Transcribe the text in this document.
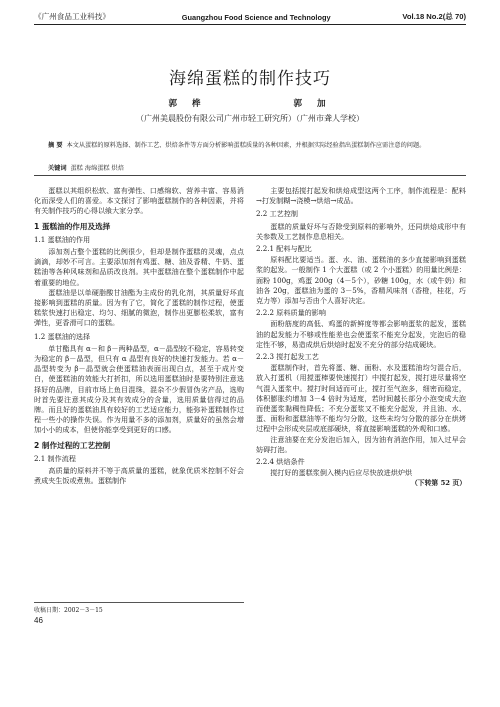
《广州食品工业科技》	Guangzhou Food Science and Technology	Vol.18 No.2(总 70)
海绵蛋糕的制作技巧
郭 桦	郭 加
（广州美晨股份有限公司广州市轻工研究所）（广州市聋人学校）
摘 要 本文从蛋糕的原料选择、制作工艺、烘焙条件等方面分析影响蛋糕质量的各种因素，并根据实际经验指出蛋糕制作应需注意的问题。
关键词 蛋糕 海绵蛋糕 烘焙

蛋糕以其组织松软、富有弹性、口感绵软、营养丰富、容易消化而深受人们的喜爱。本文探讨了影响蛋糕制作的各种因素，并将有关制作技巧的心得以飨大家分享。

1 蛋糕油的作用及选择
1.1 蛋糕油的作用

添加剂占整个蛋糕的比例很少，但却是制作蛋糕的灵魂，点点滴滴，却妙不可言。主要添加剂有鸡蛋、糖、油及香精、牛奶、蛋糕油等各种风味剂和品质改良剂。其中蛋糕油在整个蛋糕制作中起着重要的地位。

蛋糕油是以单硬脂酸甘油酯为主成份的乳化剂，其质量好坏直接影响到蛋糕的质量。因为有了它，简化了蛋糕的制作过程，使蛋糕浆快速打出稳定、均匀、细腻的微泡，制作出更膨松柔软，富有弹性，更香滑可口的蛋糕。

1.2 蛋糕油的选择

单甘酯具有 α－和 β－两种晶型，α－晶型较不稳定，容易转变为稳定的 β－晶型，但只有 α 晶型有良好的快速打发能力。若 α－晶型转变为 β－晶型就会使蛋糕油表面出现白点，甚至于成片变白，使蛋糕油的效能大打折扣，所以选用蛋糕油时是要特别注意选择好的品牌，目前市场上鱼目混珠，混杂不少假冒伪劣产品，选购时首先要注意其成分及其有效成分的含量，选用质量信得过的品牌。而且好的蛋糕油具有较好的工艺适应能力，能弥补蛋糕制作过程一些小的操作失误。作为用量不多的添加剂，质量好的虽然会增加小小的成本，但使你能享受到更好的口感。

2 制作过程的工艺控制
2.1 制作流程

高质量的原料并不等于高质量的蛋糕，就象优质米控制不好会煮成夹生饭或煮焦。蛋糕制作

主要包括搅打起发和烘焙成型这两个工序，制作流程是：配料→打发制糊→浇模→烘焙→成品。

2.2 工艺控制

蛋糕的质量好坏与否除受到原料的影响外，还同烘焙成形中有关参数及工艺制作息息相关。

2.2.1 配料与配比

原料配比要适当。蛋、水、油、蛋糕油的多少直接影响到蛋糕浆的起发。一般制作 1 个大蛋糕（或 2 个小蛋糕）的用量比例是：面粉 100g，鸡蛋 200g（4－5个），砂糖 100g，水（或牛奶）和油各 20g，蛋糕油为蛋的 3－5%，香精风味剂（香橙，桂花，巧克力等）添加与否由个人喜好决定。

2.2.2 原料质量的影响

面粉筋度的高低、鸡蛋的新鲜度等都会影响蛋浆的起发，蛋糕油的起发能力不够或性能差也会使蛋浆不能充分起发，完泡后的稳定性不够，易造成烘后烘焙时起发不充分的部分结成硬块。

2.2.3 搅打起发工艺

蛋糕制作时，首先将蛋、糖、面粉、水及蛋糕油均匀混合后，放入打蛋机（用搅蛋棒要快速搅打）中搅打起发，搅打进尽量将空气混入蛋浆中。搅打时间适而可止，搅打至气泡多，细密而稳定，体积膨胀约增加 3－4 倍时为适度，若时间越长部分小泡变成大泡而使蛋浆黏稠性降低；不充分蛋浆又不能充分起发，并且油、水、蛋、面粉和蛋糕油等不能均匀分散，这些未均匀分散的部分在烘烤过程中会形成夹层或底部硬块，将直接影响蛋糕的外观和口感。

注意油要在充分发泡后加入，因为油有消泡作用，加入过早会妨碍打泡。

2.2.4 烘焙条件

搅打好的蛋糕浆倒入模内后应尽快放进烘炉烘

（下转第 52 页）
收稿日期：2002－3－15
46
